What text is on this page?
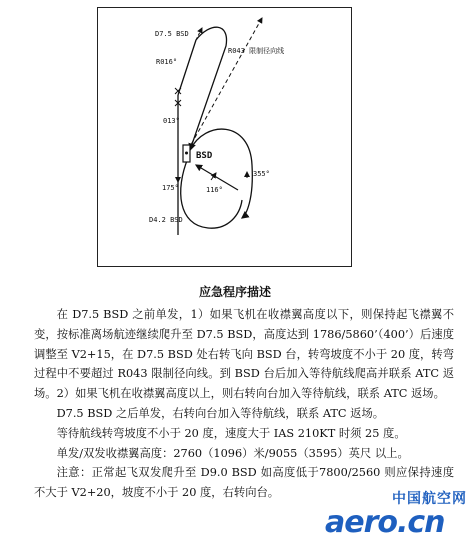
D7.5 BSD
R016°
R043 限制径向线
013°
BSD
355°
175°	116°
D4.2 BSD
应急程序描述

在 D7.5 BSD 之前单发，1）如果飞机在收襟翼高度以下，则保持起飞襟翼不变，按标准离场航迹继续爬升至 D7.5 BSD，高度达到 1786/5860’（400’）后速度调整至 V2+15，在 D7.5 BSD 处右转飞向 BSD 台，转弯坡度不小于 20 度，转弯过程中不要超过 R043 限制径向线。到 BSD 台后加入等待航线爬高并联系 ATC 返场。2）如果飞机在收襟翼高度以上，则右转向台加入等待航线，联系 ATC 返场。

D7.5 BSD 之后单发，右转向台加入等待航线，联系 ATC 返场。

等待航线转弯坡度不小于 20 度，速度大于 IAS 210KT 时须 25 度。

单发/双发收襟翼高度：2760（1096）米/9055（3595）英尺 以上。

注意：正常起飞双发爬升至 D9.0 BSD 如高度低于7800/2560 则应保持速度不大于 V2+20，坡度不小于 20 度，右转向台。	中国航空网
aero.cn
